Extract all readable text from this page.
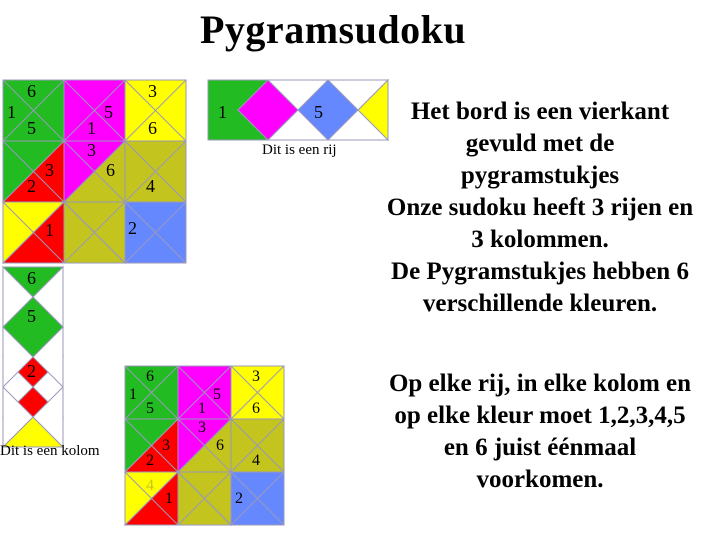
Pygramsudoku
6
1
5
5
1
3
3
6
3
2
6
4
1	2
1	5
Dit is een rij
6
5
2
Dit is een kolom
6
1
5
5
1
3
3
6
3
2
6
4
4
1	2
Het bord is een vierkant
gevuld met de
pygramstukjes
Onze sudoku heeft 3 rijen en
3 kolommen.
De Pygramstukjes hebben 6
verschillende kleuren.
Op elke rij, in elke kolom en
op elke kleur moet 1,2,3,4,5
en 6 juist éénmaal
voorkomen.
